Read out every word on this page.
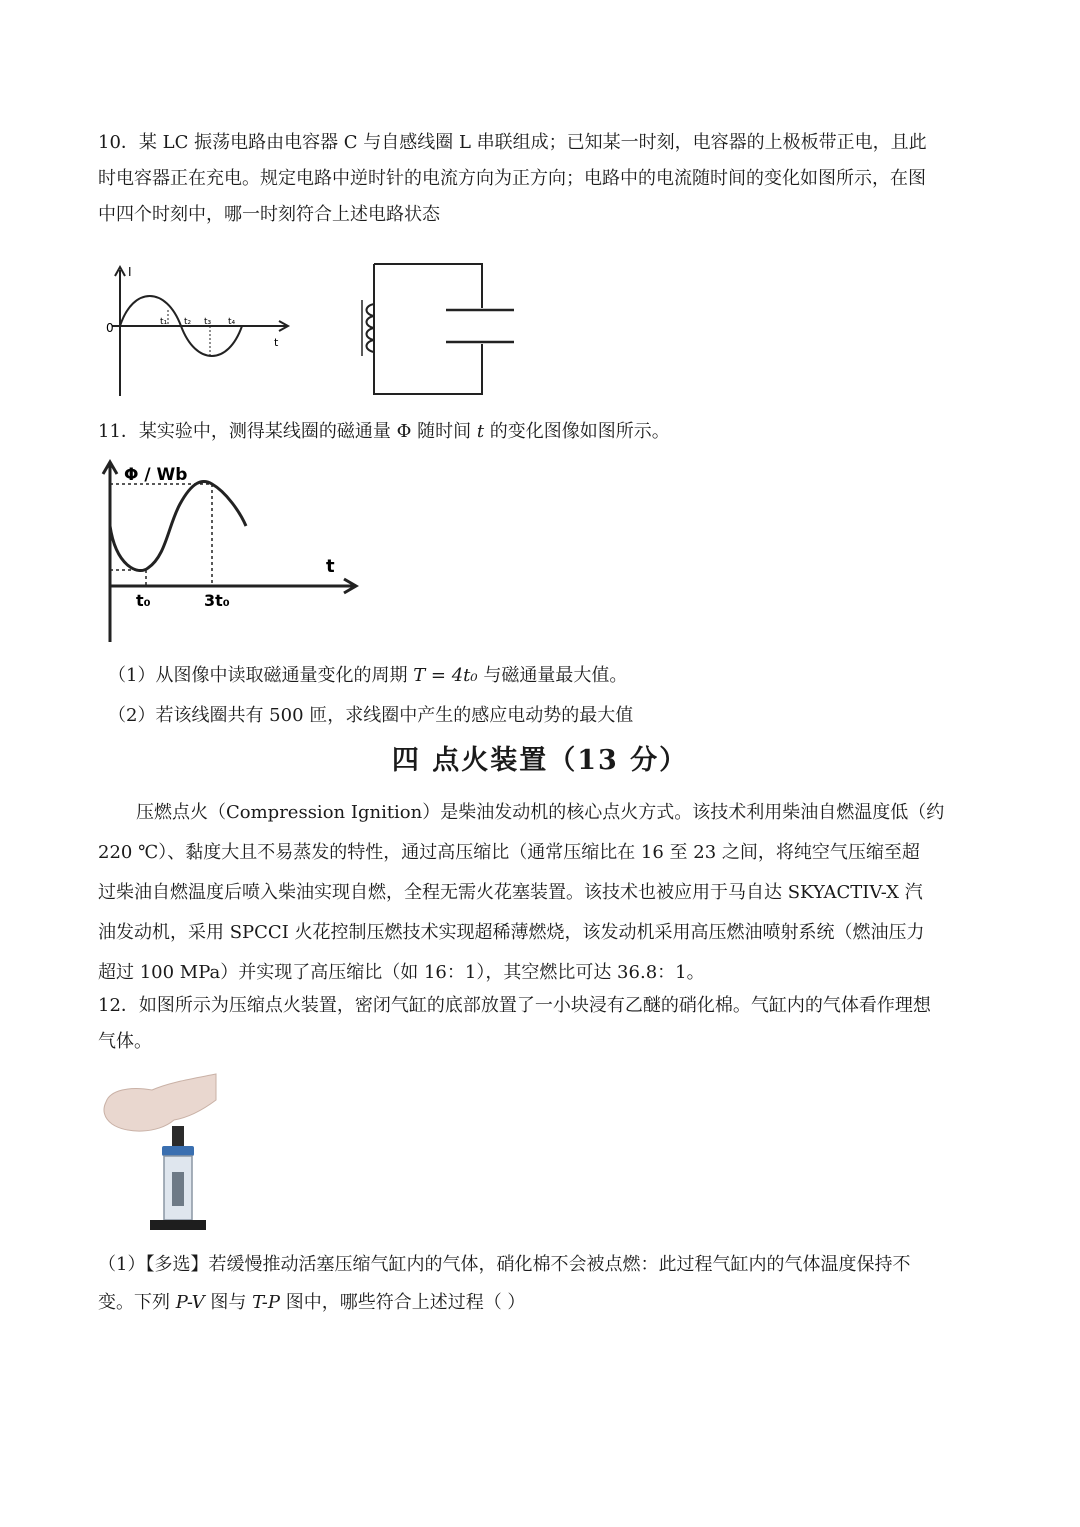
10．某 LC 振荡电路由电容器 C 与自感线圈 L 串联组成；已知某一时刻，电容器的上极板带正电，且此
时电容器正在充电。规定电路中逆时针的电流方向为正方向；电路中的电流随时间的变化如图所示，在图
中四个时刻中，哪一时刻符合上述电路状态
I
0
t
t₁ t₂ t₃ t₄
11．某实验中，测得某线圈的磁通量 Φ 随时间 t 的变化图像如图所示。
Φ / Wb
t
t₀	3t₀
（1）从图像中读取磁通量变化的周期 T = 4t₀ 与磁通量最大值。
（2）若该线圈共有 500 匝，求线圈中产生的感应电动势的最大值
四 点火装置（13 分）
压燃点火（Compression Ignition）是柴油发动机的核心点火方式。该技术利用柴油自燃温度低（约
220 ℃）、黏度大且不易蒸发的特性，通过高压缩比（通常压缩比在 16 至 23 之间，将纯空气压缩至超
过柴油自燃温度后喷入柴油实现自燃，全程无需火花塞装置。该技术也被应用于马自达 SKYACTIV-X 汽
油发动机，采用 SPCCI 火花控制压燃技术实现超稀薄燃烧，该发动机采用高压燃油喷射系统（燃油压力
超过 100 MPa）并实现了高压缩比（如 16：1），其空燃比可达 36.8：1。
12．如图所示为压缩点火装置，密闭气缸的底部放置了一小块浸有乙醚的硝化棉。气缸内的气体看作理想
气体。
（1）【多选】若缓慢推动活塞压缩气缸内的气体，硝化棉不会被点燃：此过程气缸内的气体温度保持不
变。下列 P-V 图与 T-P 图中，哪些符合上述过程（ ）
